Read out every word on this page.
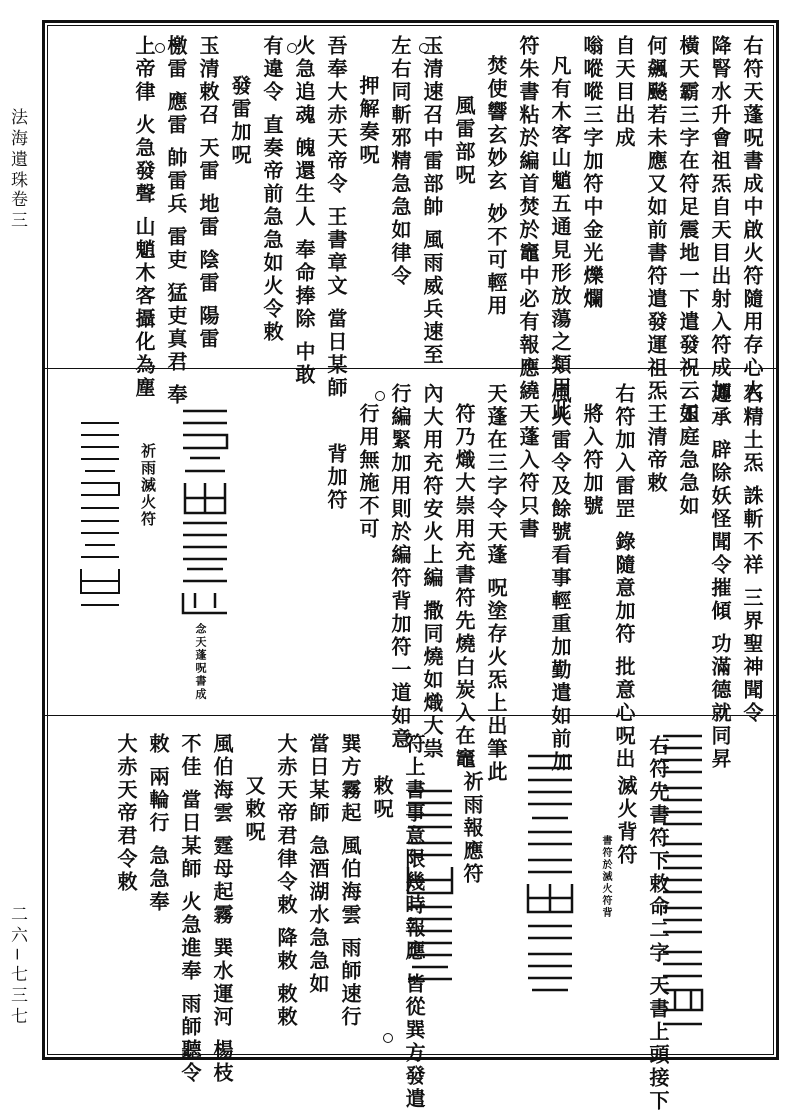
法海遺珠
卷三
二六−七三七
右符天蓬呪書成中啟火符隨用存心火
降腎水升會祖炁自天目出射入符成加
橫天霸三字在符足震地一下遣發祝云如
何飆飈若未應又如前書符遣發運祖炁
自天目出成
嗡㗰㗰三字加符中金光爍爛
凡有木客山魈五通見形放蕩之類用此
符朱書粘於編首焚於竈中必有報應繞
焚使響玄妙玄 妙不可輕用
風雷部呪
玉清速召中雷部帥 風雨威兵速至
左右同斬邪精急急如律令
押解奏呪
吾奉大赤天帝令 王書章文 當日某師
火急追魂 魄還生人 奉命捧除 中敢
有違令 直奏帝前急急如火令敕
發雷加呪
玉清敕召 天雷 地雷 陰雷 陽雷
檄雷 應雷 帥雷兵 雷吏 猛吏真君 奉
上帝律 火急發聲 山魈木客攝化為塵
石精土炁 誅斬不祥 三界聖神聞令
遵承 辟除妖怪聞令摧傾 功滿德就同昇
玉庭急急如
王清帝敕
右符加入雷罡 錄隨意加符 批意心呪出
將入符加號
風火雷令及餘號看事輕重加勤遣如前加
天蓬入符只書
天蓬在三字令天蓬 呪塗存火炁上出筆此
符乃熾大崇用充書符先燒白炭入在竈
內大用充符安火上編 撒同燒如熾大祟
行編緊加用則於編符背加符一道如意
行用無施不可
背加符
祈雨滅火符
念天蓬呪書成
右符先書符下敕命二字 天書上頭接下
滅火背符
書符於滅火符背
祈雨報應符
符上書事意限幾時報應 皆從巽方發遣
敕呪
巽方霧起 風伯海雲 雨師速行
當日某師 急酒湖水急急如
大赤天帝君律令敕 降敕 敕敕
又敕呪
風伯海雲 霆母起霧 巽水運河 楊枝
不佳 當日某師 火急進奉 雨師聽令
敕 兩輪行 急急奉
大赤天帝君令敕
